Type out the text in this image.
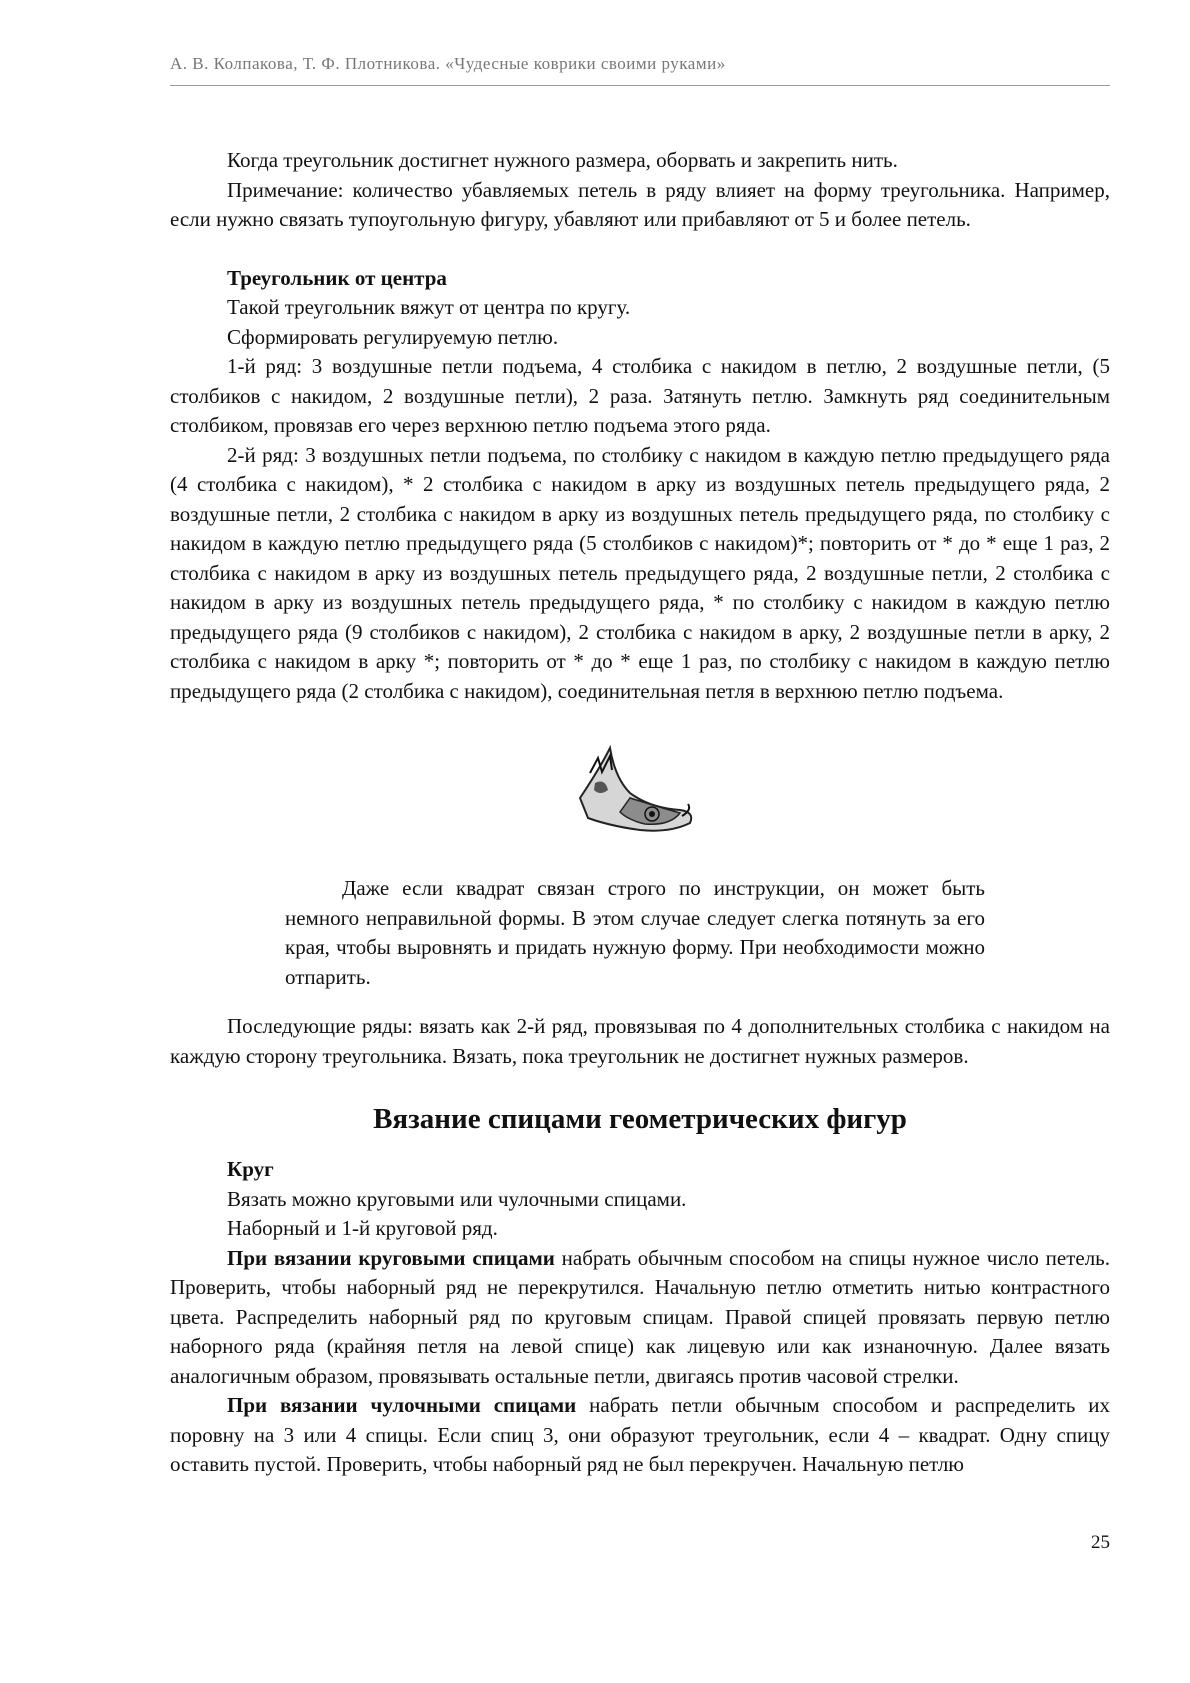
А. В. Колпакова, Т. Ф. Плотникова. «Чудесные коврики своими руками»

Когда треугольник достигнет нужного размера, оборвать и закрепить нить.

Примечание: количество убавляемых петель в ряду влияет на форму треугольника. Например, если нужно связать тупоугольную фигуру, убавляют или прибавляют от 5 и более петель.

Треугольник от центра

Такой треугольник вяжут от центра по кругу.

Сформировать регулируемую петлю.

1-й ряд: 3 воздушные петли подъема, 4 столбика с накидом в петлю, 2 воздушные петли, (5 столбиков с накидом, 2 воздушные петли), 2 раза. Затянуть петлю. Замкнуть ряд соединительным столбиком, провязав его через верхнюю петлю подъема этого ряда.

2-й ряд: 3 воздушных петли подъема, по столбику с накидом в каждую петлю предыдущего ряда (4 столбика с накидом), * 2 столбика с накидом в арку из воздушных петель предыдущего ряда, 2 воздушные петли, 2 столбика с накидом в арку из воздушных петель предыдущего ряда, по столбику с накидом в каждую петлю предыдущего ряда (5 столбиков с накидом)*; повторить от * до * еще 1 раз, 2 столбика с накидом в арку из воздушных петель предыдущего ряда, 2 воздушные петли, 2 столбика с накидом в арку из воздушных петель предыдущего ряда, * по столбику с накидом в каждую петлю предыдущего ряда (9 столбиков с накидом), 2 столбика с накидом в арку, 2 воздушные петли в арку, 2 столбика с накидом в арку *; повторить от * до * еще 1 раз, по столбику с накидом в каждую петлю предыдущего ряда (2 столбика с накидом), соединительная петля в верхнюю петлю подъема.

Даже если квадрат связан строго по инструкции, он может быть немного неправильной формы. В этом случае следует слегка потянуть за его края, чтобы выровнять и придать нужную форму. При необходимости можно отпарить.

Последующие ряды: вязать как 2-й ряд, провязывая по 4 дополнительных столбика с накидом на каждую сторону треугольника. Вязать, пока треугольник не достигнет нужных размеров.

Вязание спицами геометрических фигур
Круг

Вязать можно круговыми или чулочными спицами.

Наборный и 1-й круговой ряд.

При вязании круговыми спицами набрать обычным способом на спицы нужное число петель. Проверить, чтобы наборный ряд не перекрутился. Начальную петлю отметить нитью контрастного цвета. Распределить наборный ряд по круговым спицам. Правой спицей провязать первую петлю наборного ряда (крайняя петля на левой спице) как лицевую или как изнаночную. Далее вязать аналогичным образом, провязывать остальные петли, двигаясь против часовой стрелки.

При вязании чулочными спицами набрать петли обычным способом и распределить их поровну на 3 или 4 спицы. Если спиц 3, они образуют треугольник, если 4 – квадрат. Одну спицу оставить пустой. Проверить, чтобы наборный ряд не был перекручен. Начальную петлю

25
